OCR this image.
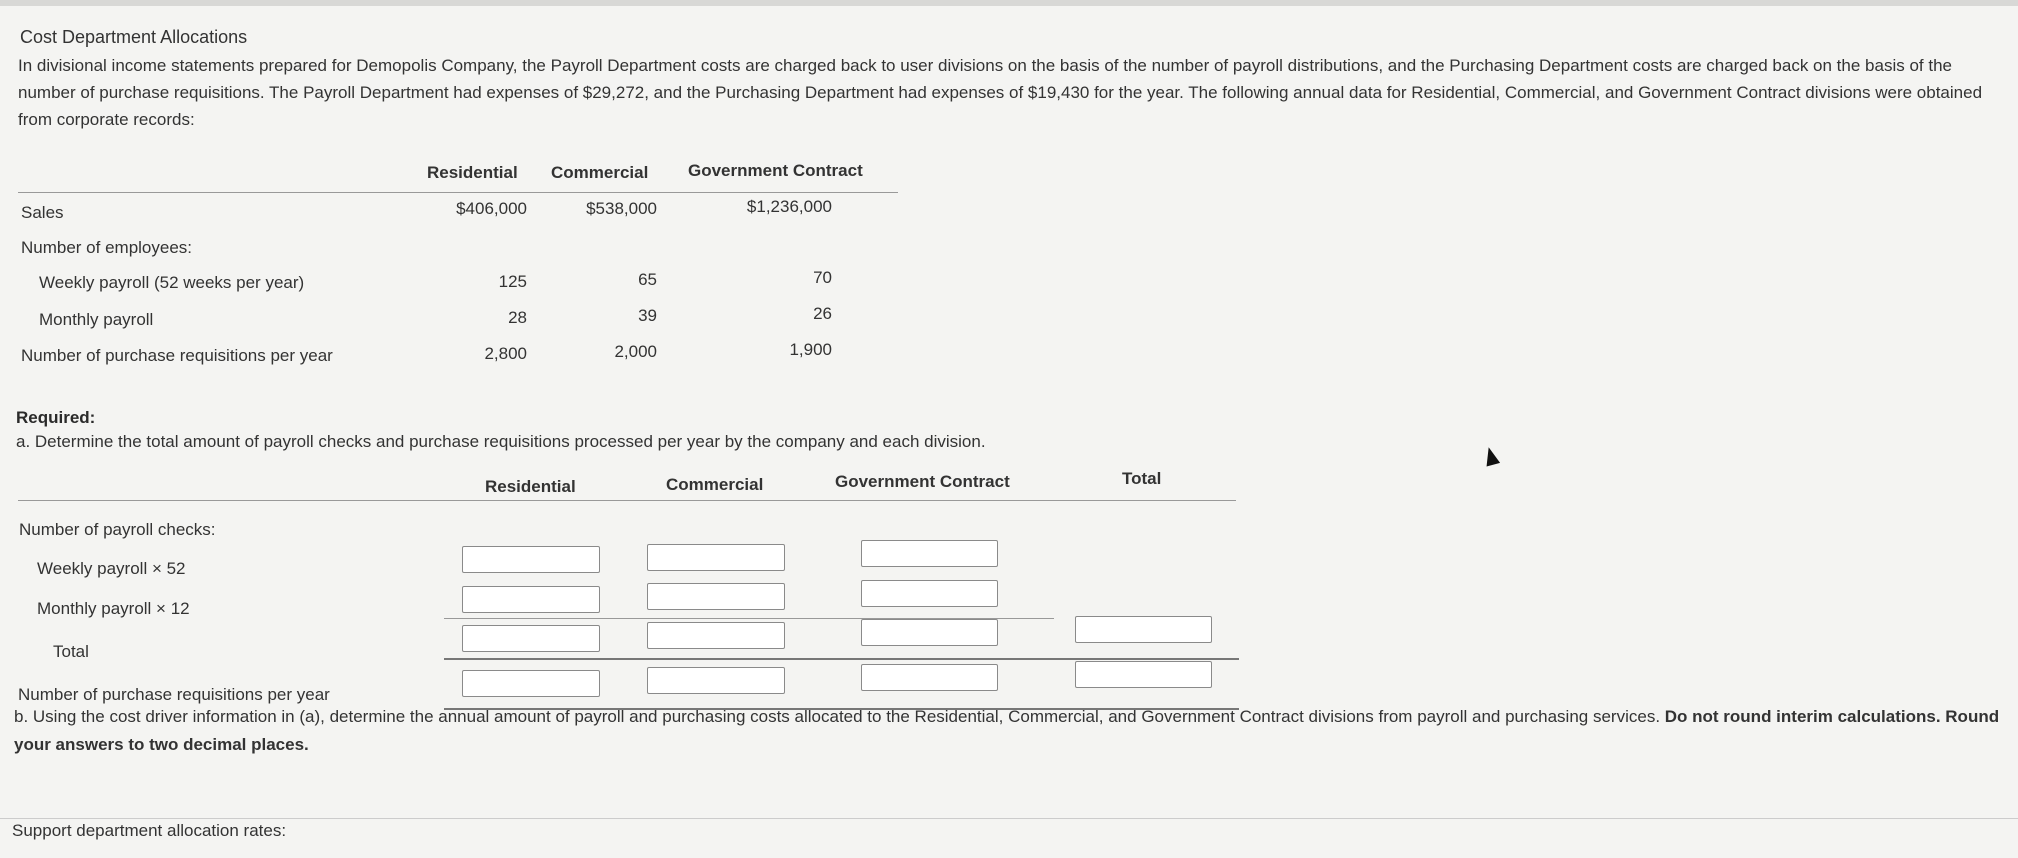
Cost Department Allocations
In divisional income statements prepared for Demopolis Company, the Payroll Department costs are charged back to user divisions on the basis of the number of payroll distributions, and the Purchasing Department costs are charged back on the basis of the number of purchase requisitions. The Payroll Department had expenses of $29,272, and the Purchasing Department had expenses of $19,430 for the year. The following annual data for Residential, Commercial, and Government Contract divisions were obtained from corporate records:
Residential Commercial Government Contract
Sales	$406,000	$538,000	$1,236,000
Number of employees:
Weekly payroll (52 weeks per year)	125	65	70
Monthly payroll	28	39	26
Number of purchase requisitions per year	2,800	2,000	1,900
Required:
a. Determine the total amount of payroll checks and purchase requisitions processed per year by the company and each division.
Residential	Commercial	Government Contract	Total
Number of payroll checks:
Weekly payroll × 52
Monthly payroll × 12
Total
Number of purchase requisitions per year
b. Using the cost driver information in (a), determine the annual amount of payroll and purchasing costs allocated to the Residential, Commercial, and Government Contract divisions from payroll and purchasing services. Do not round interim calculations. Round your answers to two decimal places.
Support department allocation rates:
